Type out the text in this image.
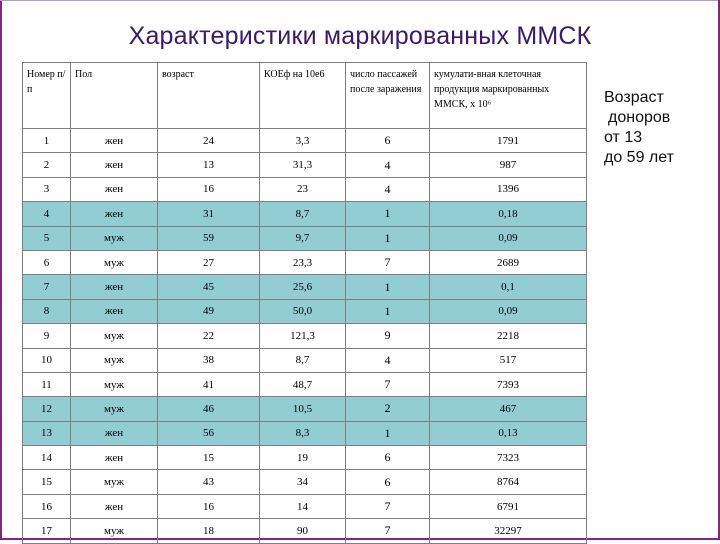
Характеристики маркированных ММСК
Номер п/п	Пол	возраст	КОЕф на 10е6	число пассажей после заражения	кумулати-вная клеточная продукция маркированных ММСК, х 10⁶
1	жен	24	3,3	6	1791
2	жен	13	31,3	4	987
3	жен	16	23	4	1396
4	жен	31	8,7	1	0,18
5	муж	59	9,7	1	0,09
6	муж	27	23,3	7	2689
7	жен	45	25,6	1	0,1
8	жен	49	50,0	1	0,09
9	муж	22	121,3	9	2218
10	муж	38	8,7	4	517
11	муж	41	48,7	7	7393
12	муж	46	10,5	2	467
13	жен	56	8,3	1	0,13
14	жен	15	19	6	7323
15	муж	43	34	6	8764
16	жен	16	14	7	6791
17	муж	18	90	7	32297
Возраст
доноров
от 13
до 59 лет
